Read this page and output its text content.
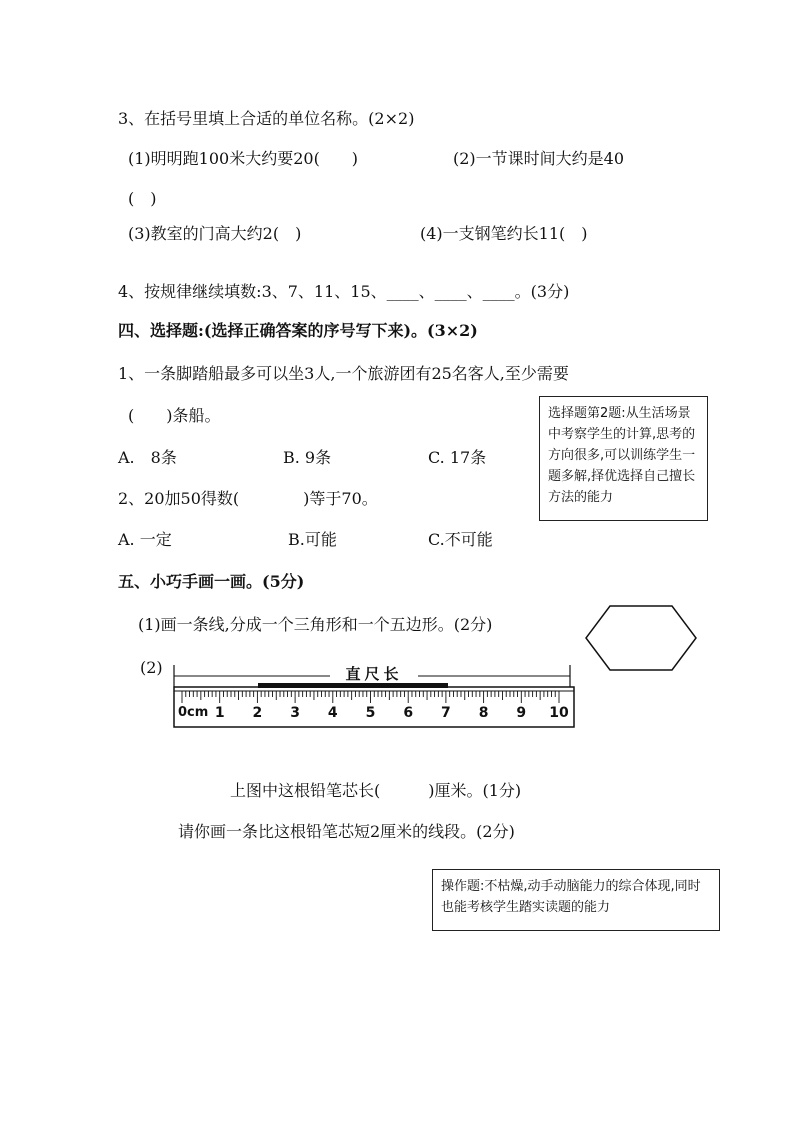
3、在括号里填上合适的单位名称。(2×2)
(1)明明跑100米大约要20(　　)	(2)一节课时间大约是40
(　)
(3)教室的门高大约2(　)	(4)一支钢笔约长11(　)
4、按规律继续填数:3、7、11、15、____、____、____。(3分)
四、选择题:(选择正确答案的序号写下来)。(3×2)
1、一条脚踏船最多可以坐3人,一个旅游团有25名客人,至少需要
(　　)条船。
A.　8条	B. 9条	C. 17条
2、20加50得数(　　　　)等于70。
A. 一定	B.可能	C.不可能
选择题第2题:从生活场景中考察学生的计算,思考的方向很多,可以训练学生一题多解,择优选择自己擅长方法的能力
五、小巧手画一画。(5分)
(1)画一条线,分成一个三角形和一个五边形。(2分)
(2)	直尺长
0cm 1	2	3	4	5	6	7	8	9	10
上图中这根铅笔芯长(　　　)厘米。(1分)
请你画一条比这根铅笔芯短2厘米的线段。(2分)
操作题:不枯燥,动手动脑能力的综合体现,同时也能考核学生踏实读题的能力
